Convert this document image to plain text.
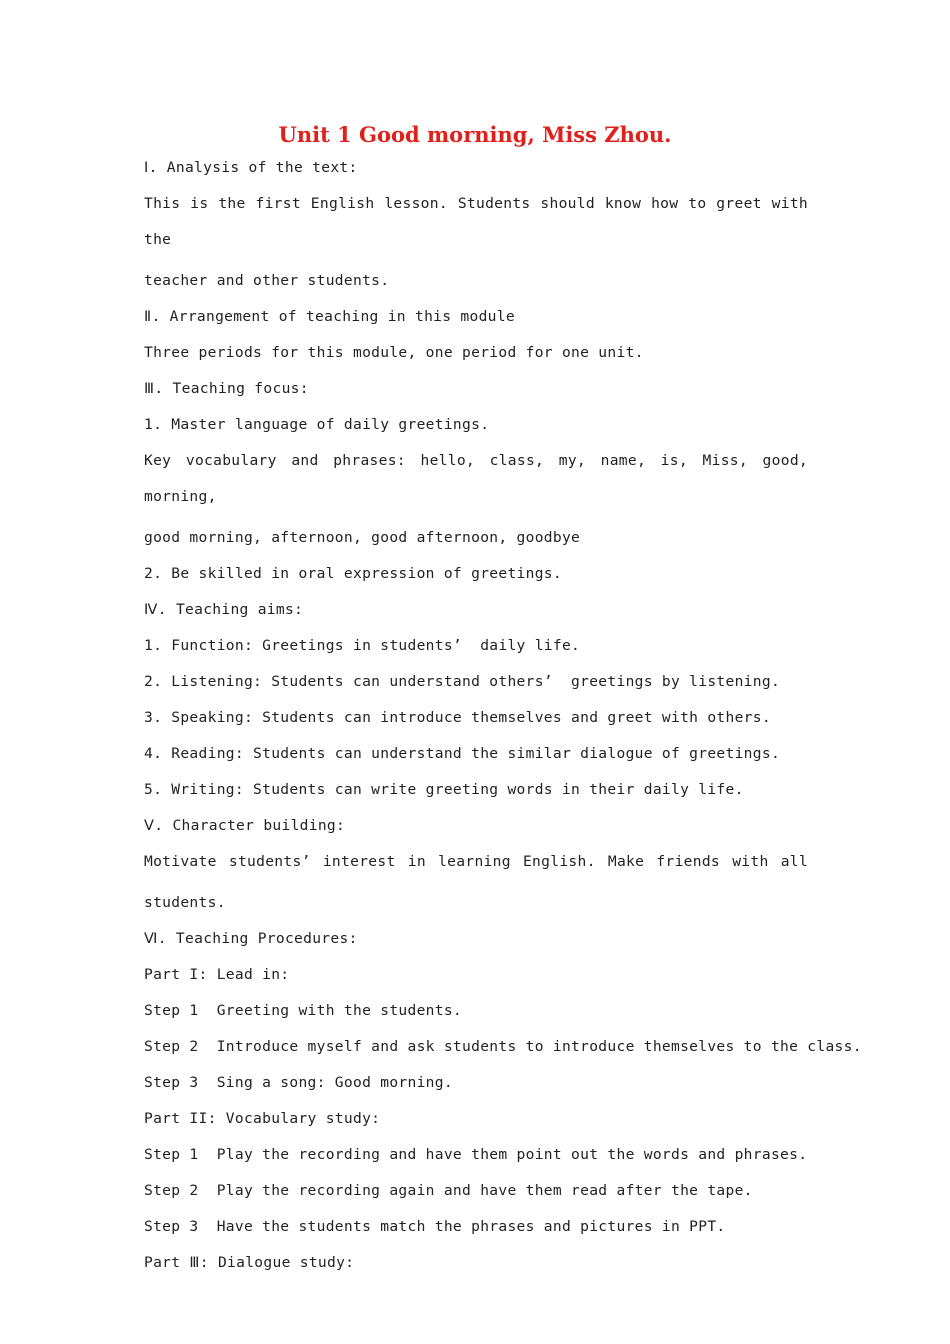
Unit 1 Good morning, Miss Zhou.
Ⅰ. Analysis of the text:
This is the first English lesson. Students should know how to greet with the
teacher and other students.
Ⅱ. Arrangement of teaching in this module
Three periods for this module, one period for one unit.
Ⅲ. Teaching focus:
1. Master language of daily greetings.
Key vocabulary and phrases: hello, class, my, name, is, Miss, good, morning,
good morning, afternoon, good afternoon, goodbye
2. Be skilled in oral expression of greetings.
Ⅳ. Teaching aims:
1. Function: Greetings in students’  daily life.
2. Listening: Students can understand others’  greetings by listening.
3. Speaking: Students can introduce themselves and greet with others.
4. Reading: Students can understand the similar dialogue of greetings.
5. Writing: Students can write greeting words in their daily life.
Ⅴ. Character building:
Motivate students’ interest in learning English. Make friends with all
students.
Ⅵ. Teaching Procedures:
Part I: Lead in:
Step 1  Greeting with the students.
Step 2  Introduce myself and ask students to introduce themselves to the class.
Step 3  Sing a song: Good morning.
Part II: Vocabulary study:
Step 1  Play the recording and have them point out the words and phrases.
Step 2  Play the recording again and have them read after the tape.
Step 3  Have the students match the phrases and pictures in PPT.
Part Ⅲ: Dialogue study:
